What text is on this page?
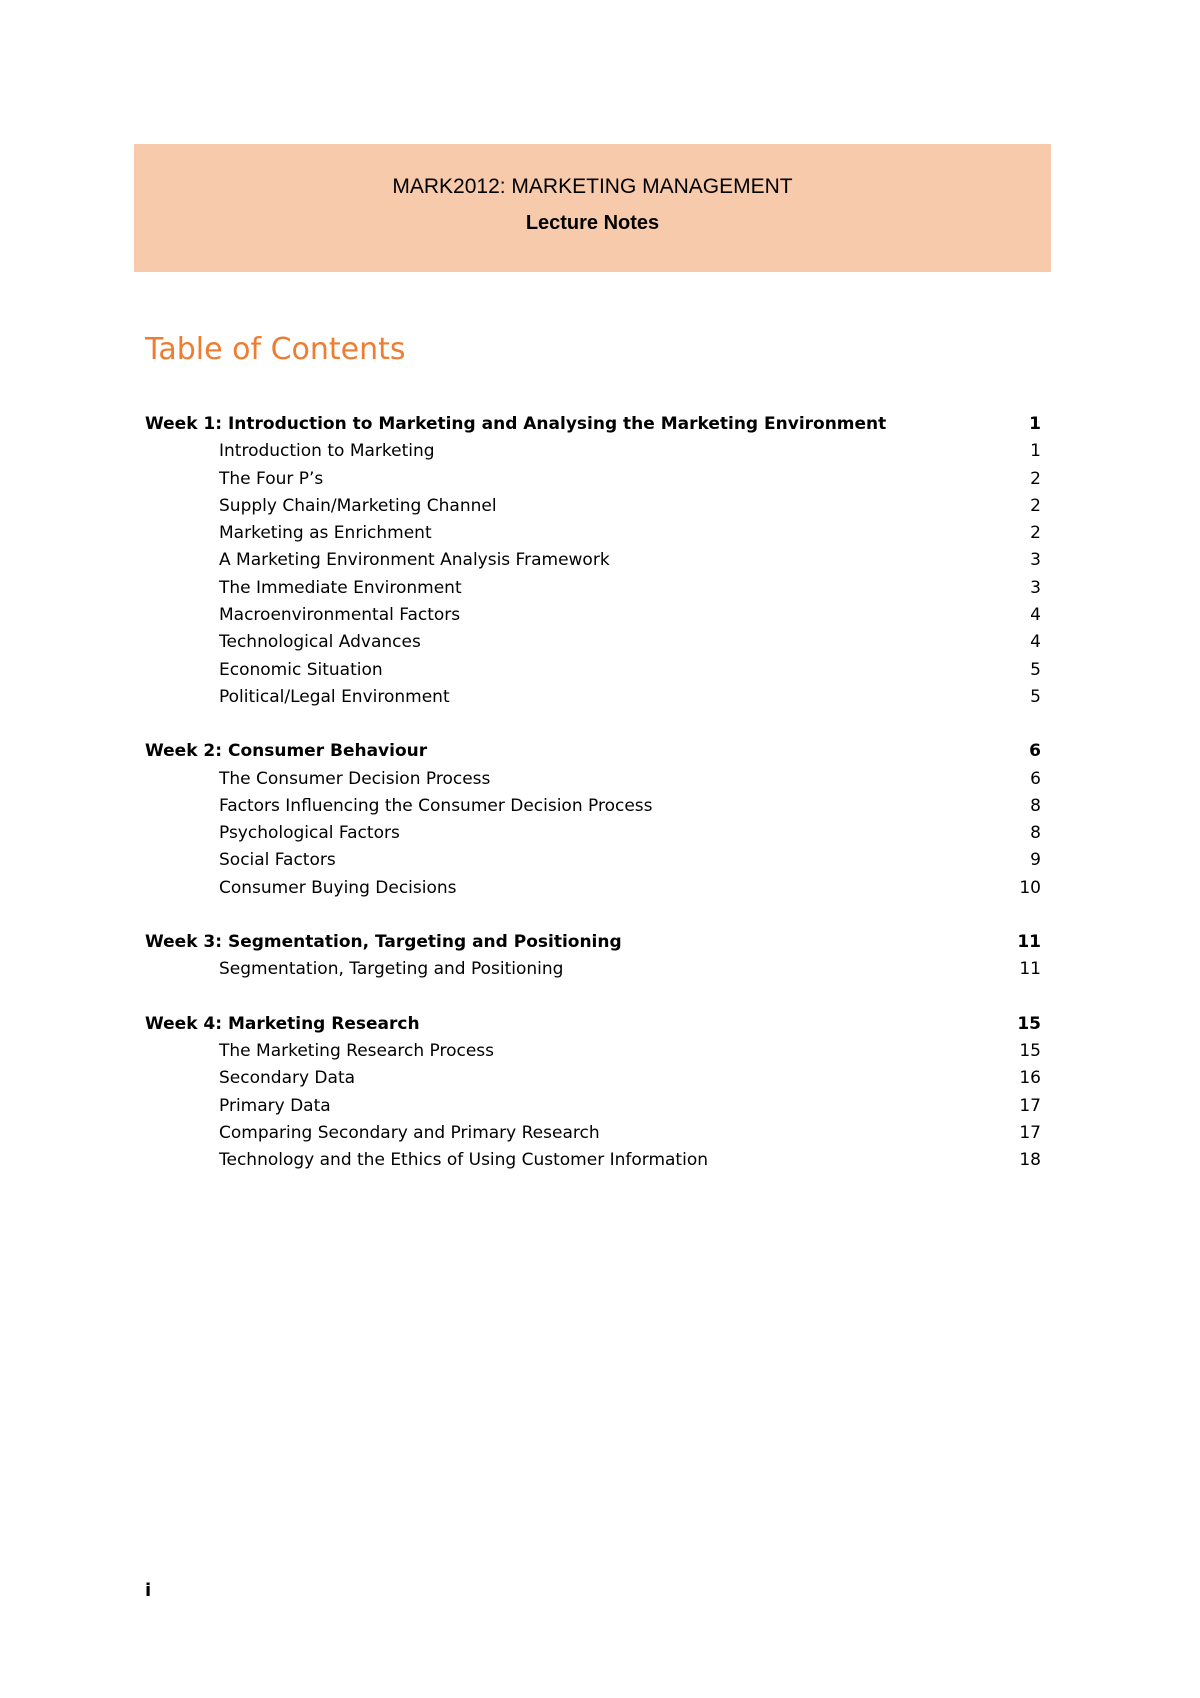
MARK2012: MARKETING MANAGEMENT

Lecture Notes

Table of Contents
Week 1: Introduction to Marketing and Analysing the Marketing Environment	1
Introduction to Marketing	1
The Four P’s	2
Supply Chain/Marketing Channel	2
Marketing as Enrichment	2
A Marketing Environment Analysis Framework	3
The Immediate Environment	3
Macroenvironmental Factors	4
Technological Advances	4
Economic Situation	5
Political/Legal Environment	5
Week 2: Consumer Behaviour	6
The Consumer Decision Process	6
Factors Influencing the Consumer Decision Process	8
Psychological Factors	8
Social Factors	9
Consumer Buying Decisions	10
Week 3: Segmentation, Targeting and Positioning	11
Segmentation, Targeting and Positioning	11
Week 4: Marketing Research	15
The Marketing Research Process	15
Secondary Data	16
Primary Data	17
Comparing Secondary and Primary Research	17
Technology and the Ethics of Using Customer Information	18

i
